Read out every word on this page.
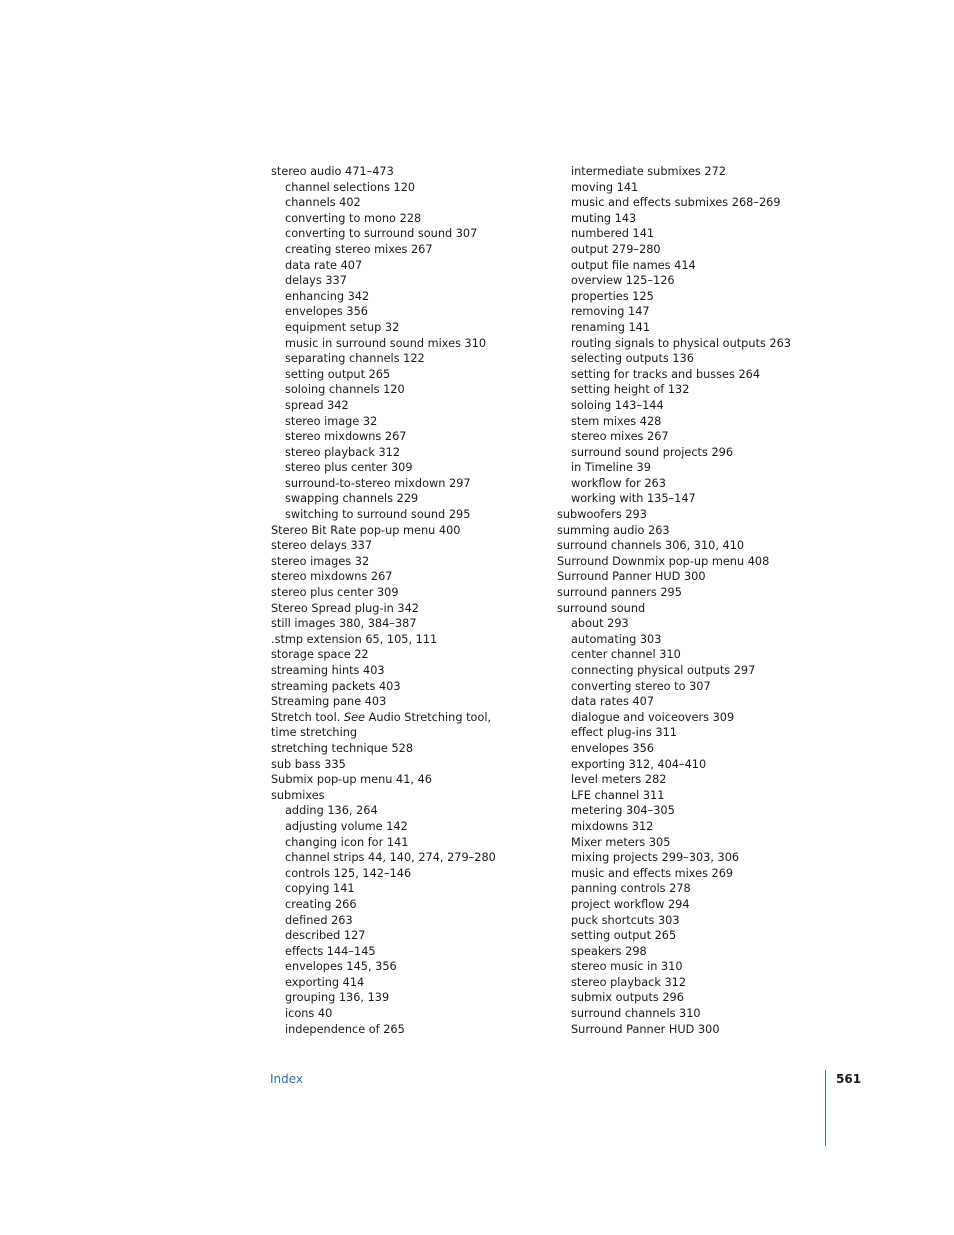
stereo audio 471–473
channel selections 120
channels 402
converting to mono 228
converting to surround sound 307
creating stereo mixes 267
data rate 407
delays 337
enhancing 342
envelopes 356
equipment setup 32
music in surround sound mixes 310
separating channels 122
setting output 265
soloing channels 120
spread 342
stereo image 32
stereo mixdowns 267
stereo playback 312
stereo plus center 309
surround-to-stereo mixdown 297
swapping channels 229
switching to surround sound 295
Stereo Bit Rate pop-up menu 400
stereo delays 337
stereo images 32
stereo mixdowns 267
stereo plus center 309
Stereo Spread plug-in 342
still images 380, 384–387
.stmp extension 65, 105, 111
storage space 22
streaming hints 403
streaming packets 403
Streaming pane 403
Stretch tool. See Audio Stretching tool, time stretching
stretching technique 528
sub bass 335
Submix pop-up menu 41, 46
submixes
adding 136, 264
adjusting volume 142
changing icon for 141
channel strips 44, 140, 274, 279–280
controls 125, 142–146
copying 141
creating 266
defined 263
described 127
effects 144–145
envelopes 145, 356
exporting 414
grouping 136, 139
icons 40
independence of 265
intermediate submixes 272
moving 141
music and effects submixes 268–269
muting 143
numbered 141
output 279–280
output file names 414
overview 125–126
properties 125
removing 147
renaming 141
routing signals to physical outputs 263
selecting outputs 136
setting for tracks and busses 264
setting height of 132
soloing 143–144
stem mixes 428
stereo mixes 267
surround sound projects 296
in Timeline 39
workflow for 263
working with 135–147
subwoofers 293
summing audio 263
surround channels 306, 310, 410
Surround Downmix pop-up menu 408
Surround Panner HUD 300
surround panners 295
surround sound
about 293
automating 303
center channel 310
connecting physical outputs 297
converting stereo to 307
data rates 407
dialogue and voiceovers 309
effect plug-ins 311
envelopes 356
exporting 312, 404–410
level meters 282
LFE channel 311
metering 304–305
mixdowns 312
Mixer meters 305
mixing projects 299–303, 306
music and effects mixes 269
panning controls 278
project workflow 294
puck shortcuts 303
setting output 265
speakers 298
stereo music in 310
stereo playback 312
submix outputs 296
surround channels 310
Surround Panner HUD 300
Index	561
